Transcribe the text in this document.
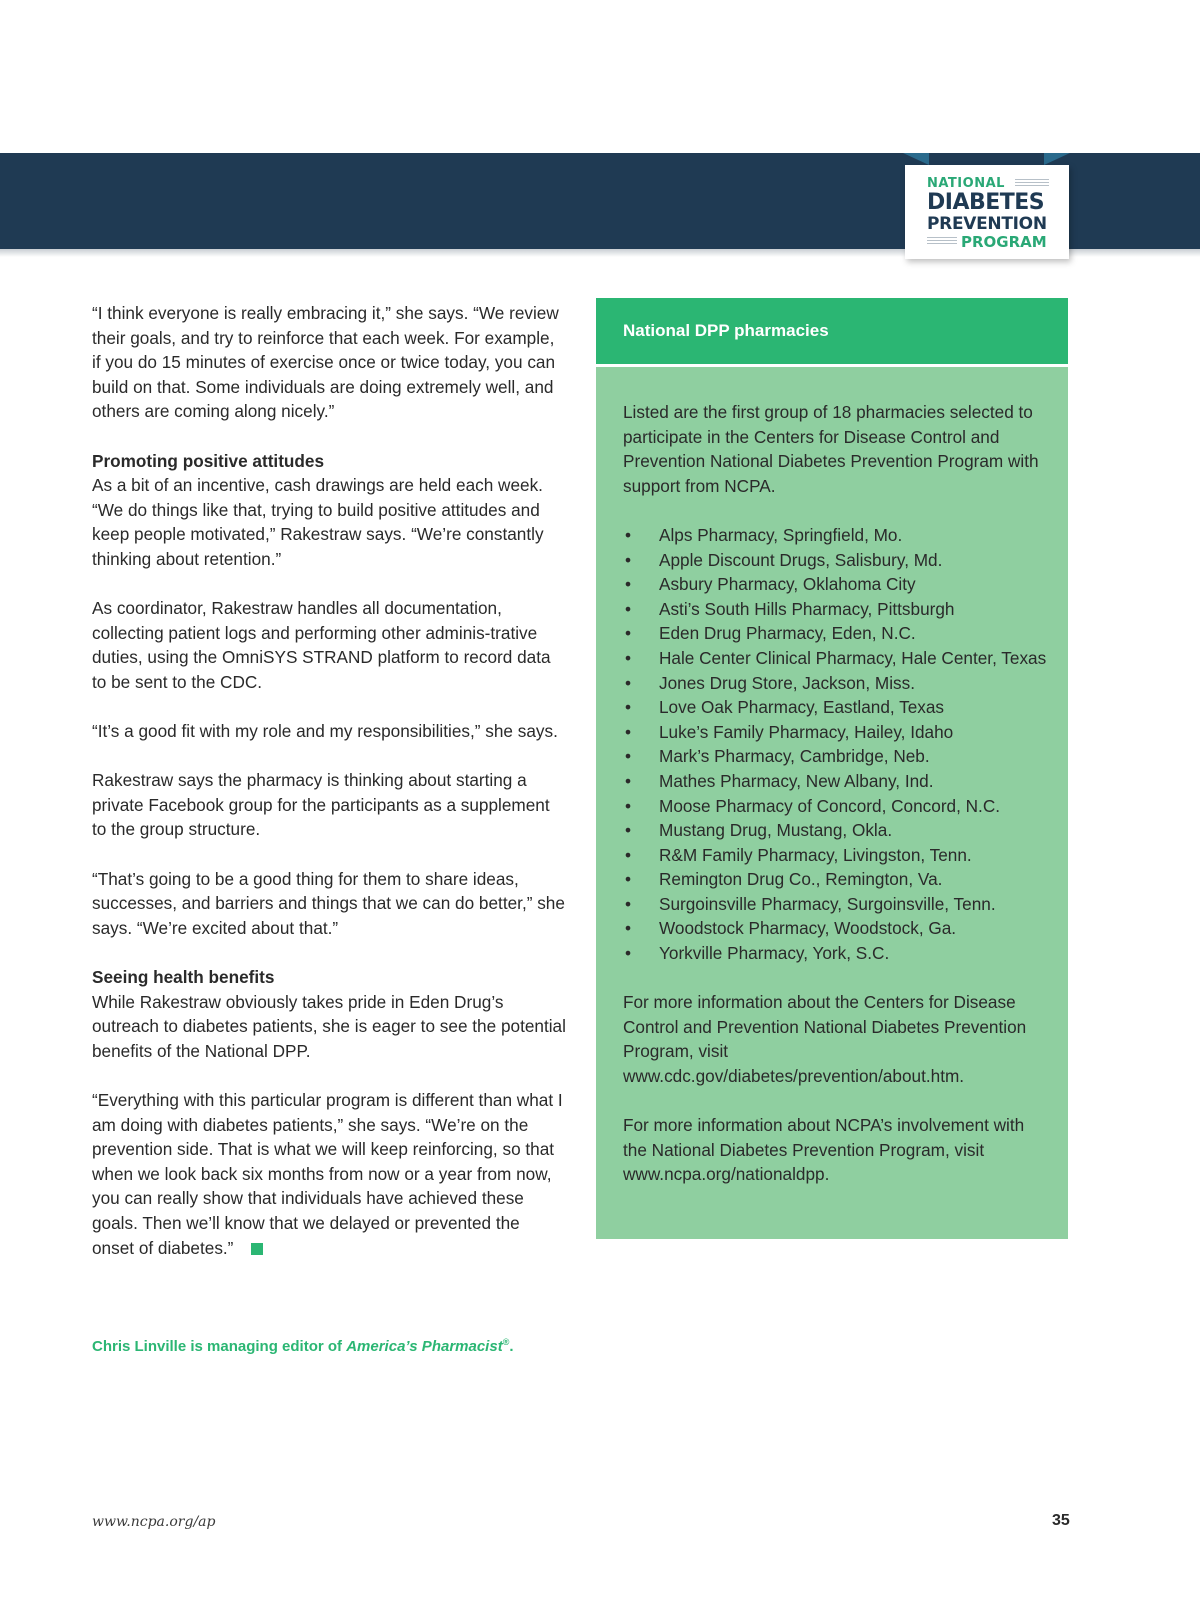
NATIONAL
DIABETES
PREVENTION
PROGRAM

“I think everyone is really embracing it,” she says. “We review their goals, and try to reinforce that each week. For example, if you do 15 minutes of exercise once or twice today, you can build on that. Some individuals are doing extremely well, and others are coming along nicely.”

Promoting positive attitudes
As a bit of an incentive, cash drawings are held each week. “We do things like that, trying to build positive attitudes and keep people motivated,” Rakestraw says. “We’re constantly thinking about retention.”

As coordinator, Rakestraw handles all documentation, collecting patient logs and performing other adminis-trative duties, using the OmniSYS STRAND platform to record data to be sent to the CDC.

“It’s a good fit with my role and my responsibilities,” she says.

Rakestraw says the pharmacy is thinking about starting a private Facebook group for the participants as a supplement to the group structure.

“That’s going to be a good thing for them to share ideas, successes, and barriers and things that we can do better,” she says. “We’re excited about that.”

Seeing health benefits
While Rakestraw obviously takes pride in Eden Drug’s outreach to diabetes patients, she is eager to see the potential benefits of the National DPP.

“Everything with this particular program is different than what I am doing with diabetes patients,” she says. “We’re on the prevention side. That is what we will keep reinforcing, so that when we look back six months from now or a year from now, you can really show that individuals have achieved these goals. Then we’ll know that we delayed or prevented the onset of diabetes.”

Chris Linville is managing editor of America’s Pharmacist®.
National DPP pharmacies

Listed are the first group of 18 pharmacies selected to participate in the Centers for Disease Control and Prevention National Diabetes Prevention Program with support from NCPA.

• Alps Pharmacy, Springfield, Mo.
• Apple Discount Drugs, Salisbury, Md.
• Asbury Pharmacy, Oklahoma City
• Asti’s South Hills Pharmacy, Pittsburgh
• Eden Drug Pharmacy, Eden, N.C.
• Hale Center Clinical Pharmacy, Hale Center, Texas
• Jones Drug Store, Jackson, Miss.
• Love Oak Pharmacy, Eastland, Texas
• Luke’s Family Pharmacy, Hailey, Idaho
• Mark’s Pharmacy, Cambridge, Neb.
• Mathes Pharmacy, New Albany, Ind.
• Moose Pharmacy of Concord, Concord, N.C.
• Mustang Drug, Mustang, Okla.
• R&M Family Pharmacy, Livingston, Tenn.
• Remington Drug Co., Remington, Va.
• Surgoinsville Pharmacy, Surgoinsville, Tenn.
• Woodstock Pharmacy, Woodstock, Ga.
• Yorkville Pharmacy, York, S.C.

For more information about the Centers for Disease Control and Prevention National Diabetes Prevention Program, visit www.cdc.gov/diabetes/prevention/about.htm.

For more information about NCPA’s involvement with the National Diabetes Prevention Program, visit www.ncpa.org/nationaldpp.

www.ncpa.org/ap	35
